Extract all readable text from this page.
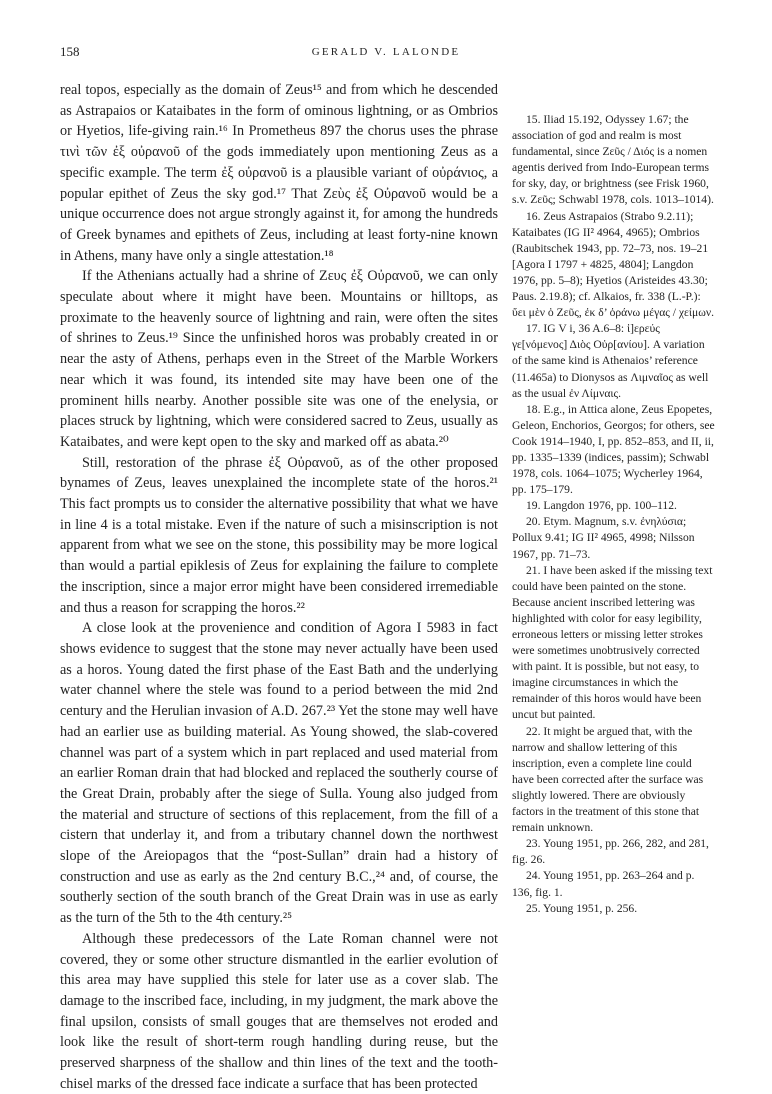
158	GERALD V. LALONDE

real topos, especially as the domain of Zeus¹⁵ and from which he descended as Astrapaios or Kataibates in the form of ominous lightning, or as Ombrios or Hyetios, life-giving rain.¹⁶ In Prometheus 897 the chorus uses the phrase τινὶ τῶν ἐξ οὐρανοῦ of the gods immediately upon mentioning Zeus as a specific example. The term ἐξ οὐρανοῦ is a plausible variant of οὐράνιος, a popular epithet of Zeus the sky god.¹⁷ That Ζεὺς ἐξ Οὐρανοῦ would be a unique occurrence does not argue strongly against it, for among the hundreds of Greek bynames and epithets of Zeus, including at least forty-nine known in Athens, many have only a single attestation.¹⁸

If the Athenians actually had a shrine of Ζευς ἐξ Οὐρανοῦ, we can only speculate about where it might have been. Mountains or hilltops, as proximate to the heavenly source of lightning and rain, were often the sites of shrines to Zeus.¹⁹ Since the unfinished horos was probably created in or near the asty of Athens, perhaps even in the Street of the Marble Workers near which it was found, its intended site may have been one of the prominent hills nearby. Another possible site was one of the enelysia, or places struck by lightning, which were considered sacred to Zeus, usually as Kataibates, and were kept open to the sky and marked off as abata.²⁰

Still, restoration of the phrase ἐξ Οὐρανοῦ, as of the other proposed bynames of Zeus, leaves unexplained the incomplete state of the horos.²¹ This fact prompts us to consider the alternative possibility that what we have in line 4 is a total mistake. Even if the nature of such a misinscription is not apparent from what we see on the stone, this possibility may be more logical than would a partial epiklesis of Zeus for explaining the failure to complete the inscription, since a major error might have been considered irremediable and thus a reason for scrapping the horos.²²

A close look at the provenience and condition of Agora I 5983 in fact shows evidence to suggest that the stone may never actually have been used as a horos. Young dated the first phase of the East Bath and the underlying water channel where the stele was found to a period between the mid 2nd century and the Herulian invasion of A.D. 267.²³ Yet the stone may well have had an earlier use as building material. As Young showed, the slab-covered channel was part of a system which in part replaced and used material from an earlier Roman drain that had blocked and replaced the southerly course of the Great Drain, probably after the siege of Sulla. Young also judged from the material and structure of sections of this replacement, from the fill of a cistern that underlay it, and from a tributary channel down the northwest slope of the Areiopagos that the “post-Sullan” drain had a history of construction and use as early as the 2nd century B.C.,²⁴ and, of course, the southerly section of the south branch of the Great Drain was in use as early as the turn of the 5th to the 4th century.²⁵

Although these predecessors of the Late Roman channel were not covered, they or some other structure dismantled in the earlier evolution of this area may have supplied this stele for later use as a cover slab. The damage to the inscribed face, including, in my judgment, the mark above the final upsilon, consists of small gouges that are themselves not eroded and look like the result of short-term rough handling during reuse, but the preserved sharpness of the shallow and thin lines of the text and the tooth-chisel marks of the dressed face indicate a surface that has been protected

15. Iliad 15.192, Odyssey 1.67; the association of god and realm is most fundamental, since Ζεῦς / Διός is a nomen agentis derived from Indo-European terms for sky, day, or brightness (see Frisk 1960, s.v. Ζεῦς; Schwabl 1978, cols. 1013–1014).

16. Zeus Astrapaios (Strabo 9.2.11); Kataibates (IG II² 4964, 4965); Ombrios (Raubitschek 1943, pp. 72–73, nos. 19–21 [Agora I 1797 + 4825, 4804]; Langdon 1976, pp. 5–8); Hyetios (Aristeides 43.30; Paus. 2.19.8); cf. Alkaios, fr. 338 (L.-P.): ὔει μὲν ὁ Ζεῦς, ἐκ δ’ ὀράνω μέγας / χείμων.

17. IG V i, 36 A.6–8: ἱ]ερεύς γε[νόμενος] Διὸς Οὐρ[ανίου]. A variation of the same kind is Athenaios’ reference (11.465a) to Dionysos as Λιμναῖος as well as the usual ἐν Λίμναις.

18. E.g., in Attica alone, Zeus Epopetes, Geleon, Enchorios, Georgos; for others, see Cook 1914–1940, I, pp. 852–853, and II, ii, pp. 1335–1339 (indices, passim); Schwabl 1978, cols. 1064–1075; Wycherley 1964, pp. 175–179.

19. Langdon 1976, pp. 100–112.

20. Etym. Magnum, s.v. ἐνηλύσια; Pollux 9.41; IG II² 4965, 4998; Nilsson 1967, pp. 71–73.

21. I have been asked if the missing text could have been painted on the stone. Because ancient inscribed lettering was highlighted with color for easy legibility, erroneous letters or missing letter strokes were sometimes unobtrusively corrected with paint. It is possible, but not easy, to imagine circumstances in which the remainder of this horos would have been uncut but painted.

22. It might be argued that, with the narrow and shallow lettering of this inscription, even a complete line could have been corrected after the surface was slightly lowered. There are obviously factors in the treatment of this stone that remain unknown.

23. Young 1951, pp. 266, 282, and 281, fig. 26.

24. Young 1951, pp. 263–264 and p. 136, fig. 1.

25. Young 1951, p. 256.
